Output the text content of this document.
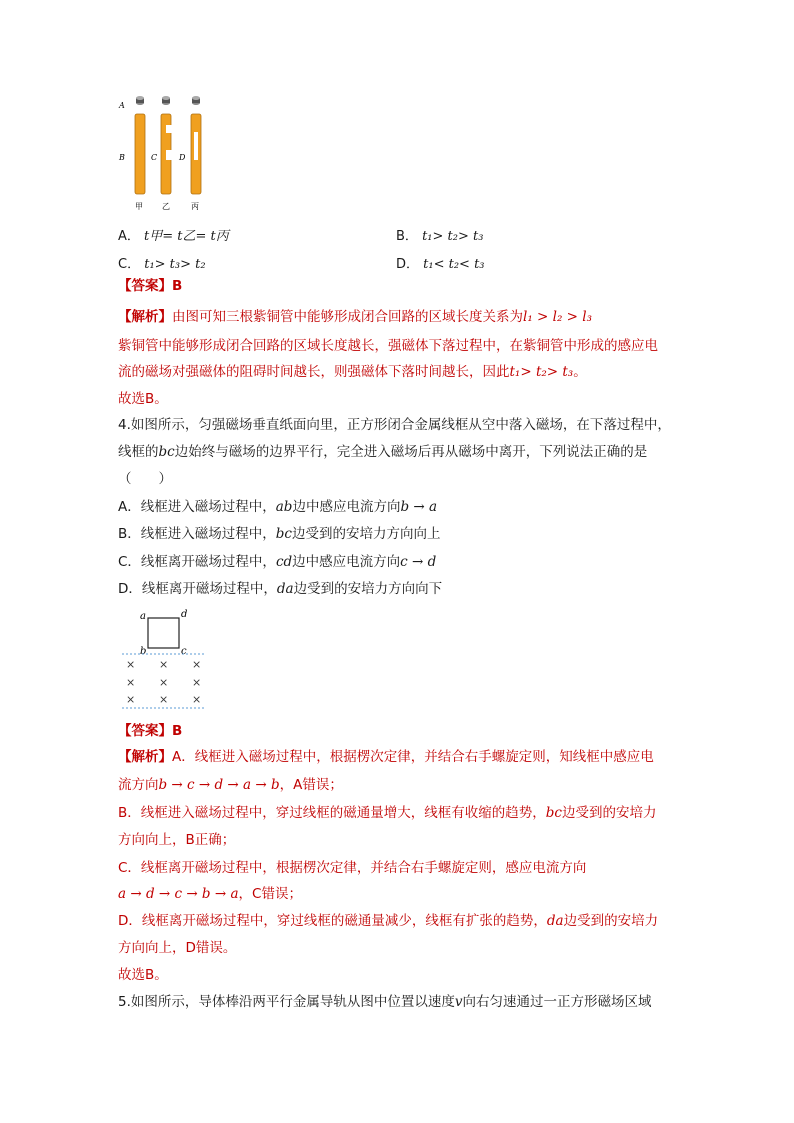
A
B	C	D
甲 乙	丙
A． t甲= t乙= t丙	B． t₁> t₂> t₃
C． t₁> t₃> t₂	D． t₁< t₂< t₃
【答案】B
【解析】由图可知三根紫铜管中能够形成闭合回路的区域长度关系为l₁ > l₂ > l₃
紫铜管中能够形成闭合回路的区域长度越长，强磁体下落过程中，在紫铜管中形成的感应电
流的磁场对强磁体的阻碍时间越长，则强磁体下落时间越长，因此t₁> t₂> t₃。
故选B。
4.如图所示，匀强磁场垂直纸面向里，正方形闭合金属线框从空中落入磁场，在下落过程中，
线框的bc边始终与磁场的边界平行，完全进入磁场后再从磁场中离开，下列说法正确的是
（　　）
A．线框进入磁场过程中，ab边中感应电流方向b → a
B．线框进入磁场过程中，bc边受到的安培力方向向上
C．线框离开磁场过程中，cd边中感应电流方向c → d
D．线框离开磁场过程中，da边受到的安培力方向向下
a	d
b	c
× × ×
× × ×
× × ×
【答案】B
【解析】A．线框进入磁场过程中，根据楞次定律，并结合右手螺旋定则，知线框中感应电
流方向b → c → d → a → b，A错误；
B．线框进入磁场过程中，穿过线框的磁通量增大，线框有收缩的趋势，bc边受到的安培力
方向向上，B正确；
C．线框离开磁场过程中，根据楞次定律，并结合右手螺旋定则，感应电流方向
a → d → c → b → a，C错误；
D．线框离开磁场过程中，穿过线框的磁通量减少，线框有扩张的趋势，da边受到的安培力
方向向上，D错误。
故选B。
5.如图所示，导体棒沿两平行金属导轨从图中位置以速度v向右匀速通过一正方形磁场区域
